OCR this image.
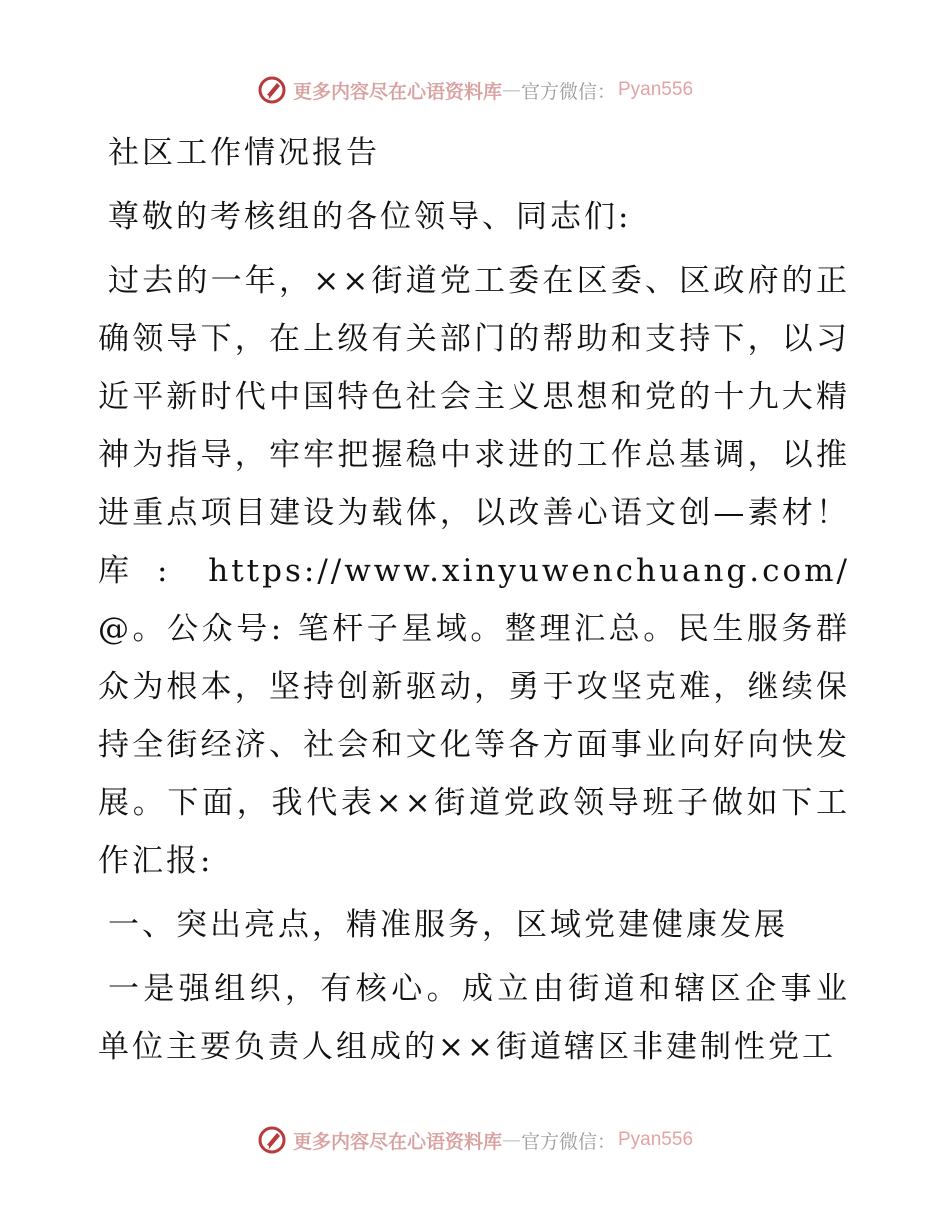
更多内容尽在心语资料库 — 官方微信： Pyan556

社区工作情况报告

尊敬的考核组的各位领导、同志们:

过去的一年，××街道党工委在区委、区政府的正确领导下，在上级有关部门的帮助和支持下，以习近平新时代中国特色社会主义思想和党的十九大精神为指导，牢牢把握稳中求进的工作总基调，以推进重点项目建设为载体，以改善心语文创—素材！库: https://www.xinyuwenchuang.com/@。公众号: 笔杆子星域。整理汇总。民生服务群众为根本，坚持创新驱动，勇于攻坚克难，继续保持全街经济、社会和文化等各方面事业向好向快发展。下面，我代表××街道党政领导班子做如下工作汇报:

一、突出亮点，精准服务，区域党建健康发展

一是强组织，有核心。成立由街道和辖区企事业单位主要负责人组成的××街道辖区非建制性党工

更多内容尽在心语资料库 — 官方微信： Pyan556
